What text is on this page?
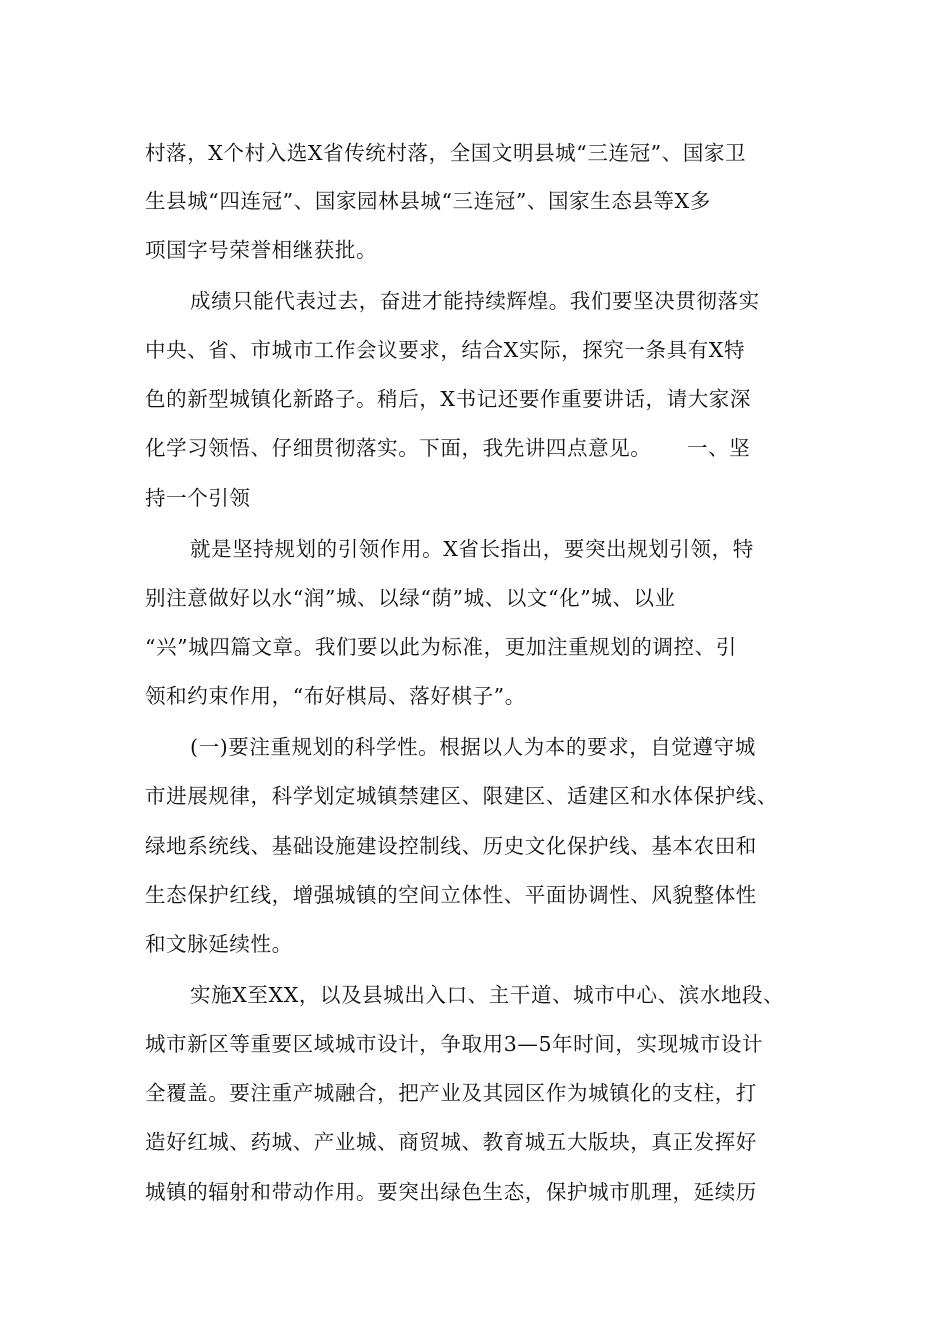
村落，X个村入选X省传统村落，全国文明县城“三连冠”、国家卫
生县城“四连冠”、国家园林县城“三连冠”、国家生态县等X多
项国字号荣誉相继获批。
成绩只能代表过去，奋进才能持续辉煌。我们要坚决贯彻落实
中央、省、市城市工作会议要求，结合X实际，探究一条具有X特
色的新型城镇化新路子。稍后，X书记还要作重要讲话，请大家深
化学习领悟、仔细贯彻落实。下面，我先讲四点意见。     一、坚
持一个引领
就是坚持规划的引领作用。X省长指出，要突出规划引领，特
别注意做好以水“润”城、以绿“荫”城、以文“化”城、以业
“兴”城四篇文章。我们要以此为标准，更加注重规划的调控、引
领和约束作用，“布好棋局、落好棋子”。
(一)要注重规划的科学性。根据以人为本的要求，自觉遵守城
市进展规律，科学划定城镇禁建区、限建区、适建区和水体保护线、
绿地系统线、基础设施建设控制线、历史文化保护线、基本农田和
生态保护红线，增强城镇的空间立体性、平面协调性、风貌整体性
和文脉延续性。
实施X至XX，以及县城出入口、主干道、城市中心、滨水地段、
城市新区等重要区域城市设计，争取用3—5年时间，实现城市设计
全覆盖。要注重产城融合，把产业及其园区作为城镇化的支柱，打
造好红城、药城、产业城、商贸城、教育城五大版块，真正发挥好
城镇的辐射和带动作用。要突出绿色生态，保护城市肌理，延续历
